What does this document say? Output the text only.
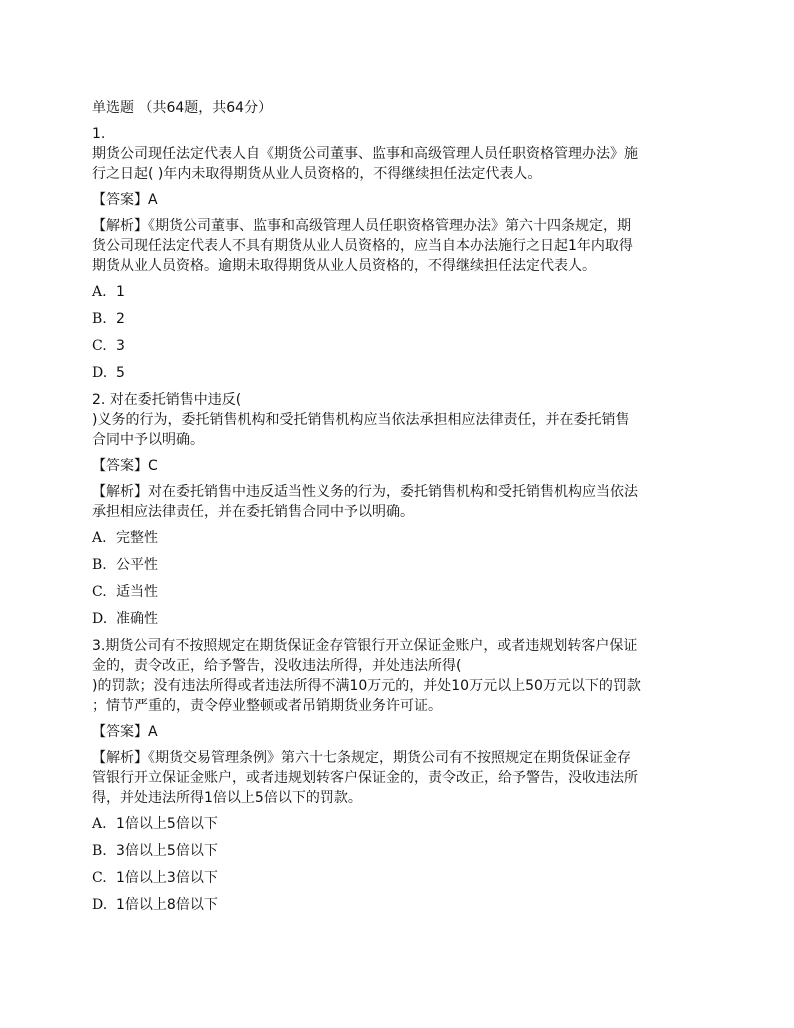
单选题 （共64题，共64分）
1.
期货公司现任法定代表人自《期货公司董事、监事和高级管理人员任职资格管理办法》施
行之日起( )年内未取得期货从业人员资格的，不得继续担任法定代表人。
【答案】A
【解析】《期货公司董事、监事和高级管理人员任职资格管理办法》第六十四条规定，期
货公司现任法定代表人不具有期货从业人员资格的，应当自本办法施行之日起1年内取得
期货从业人员资格。逾期未取得期货从业人员资格的，不得继续担任法定代表人。
A. 1
B. 2
C. 3
D. 5
2. 对在委托销售中违反(
)义务的行为，委托销售机构和受托销售机构应当依法承担相应法律责任，并在委托销售
合同中予以明确。
【答案】C
【解析】对在委托销售中违反适当性义务的行为，委托销售机构和受托销售机构应当依法
承担相应法律责任，并在委托销售合同中予以明确。
A. 完整性
B. 公平性
C. 适当性
D. 准确性
3.期货公司有不按照规定在期货保证金存管银行开立保证金账户，或者违规划转客户保证
金的，责令改正，给予警告，没收违法所得，并处违法所得(
)的罚款；没有违法所得或者违法所得不满10万元的，并处10万元以上50万元以下的罚款
；情节严重的，责令停业整顿或者吊销期货业务许可证。
【答案】A
【解析】《期货交易管理条例》第六十七条规定，期货公司有不按照规定在期货保证金存
管银行开立保证金账户，或者违规划转客户保证金的，责令改正，给予警告，没收违法所
得，并处违法所得1倍以上5倍以下的罚款。
A. 1倍以上5倍以下
B. 3倍以上5倍以下
C. 1倍以上3倍以下
D. 1倍以上8倍以下
